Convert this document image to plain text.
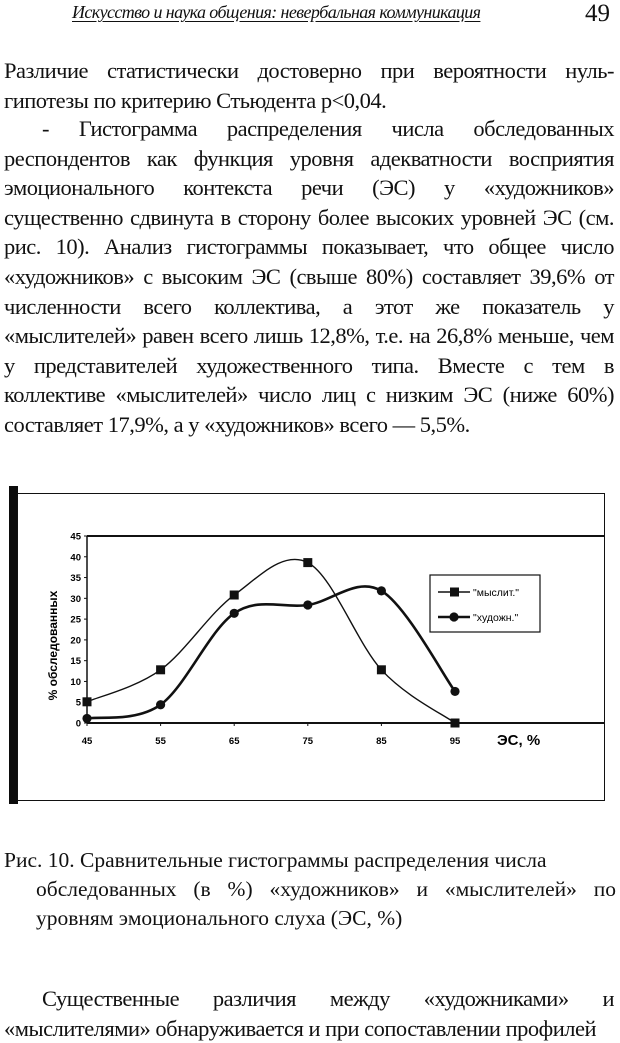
Искусство и наука общения: невербальная коммуникация	49

Различие статистически достоверно при вероятности нуль-гипотезы по критерию Стьюдента p<0,04.

- Гистограмма распределения числа обследованных респондентов как функция уровня адекватности восприятия эмоционального контекста речи (ЭС) у «художников» существенно сдвинута в сторону более высоких уровней ЭС (см. рис. 10). Анализ гистограммы показывает, что общее число «художников» с высоким ЭС (свыше 80%) составляет 39,6% от численности всего коллектива, а этот же показатель у «мыслителей» равен всего лишь 12,8%, т.е. на 26,8% меньше, чем у представителей художественного типа. Вместе с тем в коллективе «мыслителей» число лиц с низким ЭС (ниже 60%) составляет 17,9%, а у «художников» всего — 5,5%.

0
5
10
15
20
25
30
35
40
45
45	55	65	75	85	95 ЭС, %
% обследованных	"мыслит."
"художн."
Рис. 10. Сравнительные гистограммы распределения числа
обследованных (в %) «художников» и «мыслителей» по уровням эмоционального слуха (ЭС, %)

Существенные различия между «художниками» и «мыслителями» обнаруживается и при сопоставлении профилей
